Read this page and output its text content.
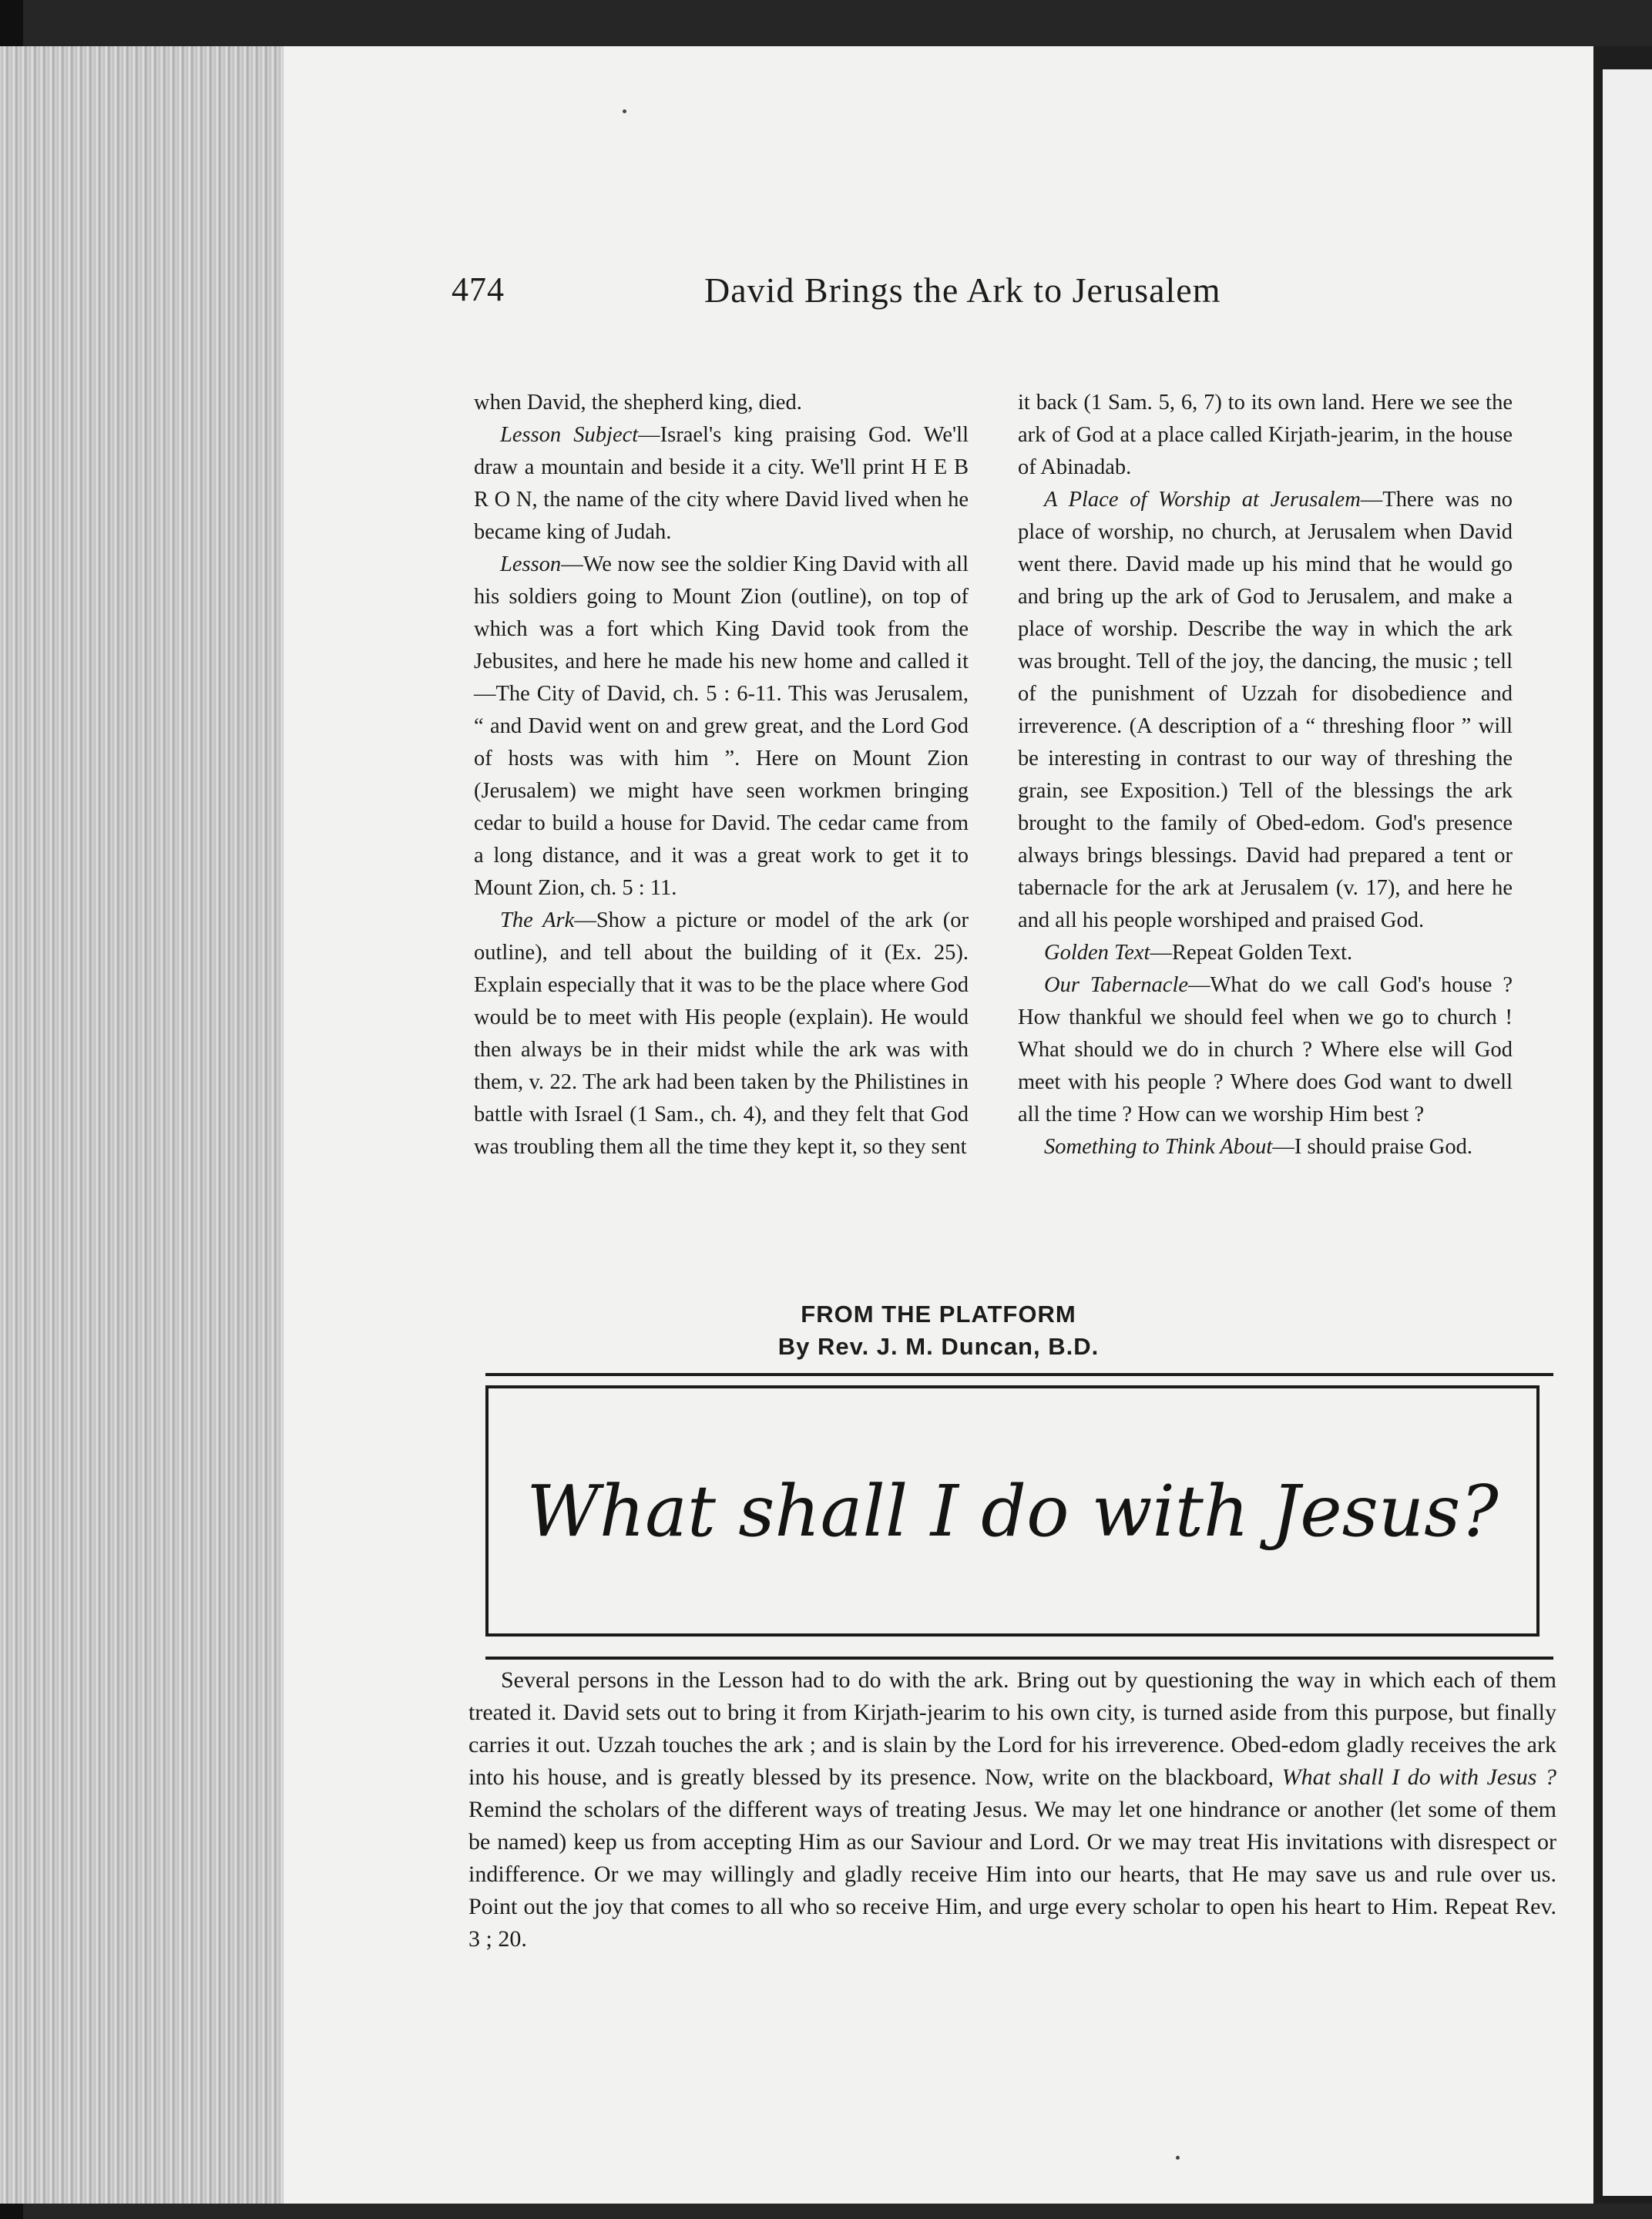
474	David Brings the Ark to Jerusalem

when David, the shepherd king, died.

Lesson Subject—Israel's king praising God. We'll draw a mountain and beside it a city. We'll print H E B R O N, the name of the city where David lived when he became king of Judah.

Lesson—We now see the soldier King David with all his soldiers going to Mount Zion (outline), on top of which was a fort which King David took from the Jebusites, and here he made his new home and called it—The City of David, ch. 5 : 6-11. This was Jerusalem, “ and David went on and grew great, and the Lord God of hosts was with him ”. Here on Mount Zion (Jerusalem) we might have seen workmen bringing cedar to build a house for David. The cedar came from a long distance, and it was a great work to get it to Mount Zion, ch. 5 : 11.

The Ark—Show a picture or model of the ark (or outline), and tell about the building of it (Ex. 25). Explain especially that it was to be the place where God would be to meet with His people (explain). He would then always be in their midst while the ark was with them, v. 22. The ark had been taken by the Philistines in battle with Israel (1 Sam., ch. 4), and they felt that God was troubling them all the time they kept it, so they sent

it back (1 Sam. 5, 6, 7) to its own land. Here we see the ark of God at a place called Kirjath-jearim, in the house of Abinadab.

A Place of Worship at Jerusalem—There was no place of worship, no church, at Jerusalem when David went there. David made up his mind that he would go and bring up the ark of God to Jerusalem, and make a place of worship. Describe the way in which the ark was brought. Tell of the joy, the dancing, the music ; tell of the punishment of Uzzah for disobedience and irreverence. (A description of a “ threshing floor ” will be interesting in contrast to our way of threshing the grain, see Exposition.) Tell of the blessings the ark brought to the family of Obed-edom. God's presence always brings blessings. David had prepared a tent or tabernacle for the ark at Jerusalem (v. 17), and here he and all his people worshiped and praised God.

Golden Text—Repeat Golden Text.

Our Tabernacle—What do we call God's house ? How thankful we should feel when we go to church ! What should we do in church ? Where else will God meet with his people ? Where does God want to dwell all the time ? How can we worship Him best ?

Something to Think About—I should praise God.

FROM THE PLATFORM
By Rev. J. M. Duncan, B.D.
What shall I do with Jesus?

Several persons in the Lesson had to do with the ark. Bring out by questioning the way in which each of them treated it. David sets out to bring it from Kirjath-jearim to his own city, is turned aside from this purpose, but finally carries it out. Uzzah touches the ark ; and is slain by the Lord for his irreverence. Obed-edom gladly receives the ark into his house, and is greatly blessed by its presence. Now, write on the blackboard, What shall I do with Jesus ? Remind the scholars of the different ways of treating Jesus. We may let one hindrance or another (let some of them be named) keep us from accepting Him as our Saviour and Lord. Or we may treat His invitations with disrespect or indifference. Or we may willingly and gladly receive Him into our hearts, that He may save us and rule over us. Point out the joy that comes to all who so receive Him, and urge every scholar to open his heart to Him. Repeat Rev. 3 ; 20.
